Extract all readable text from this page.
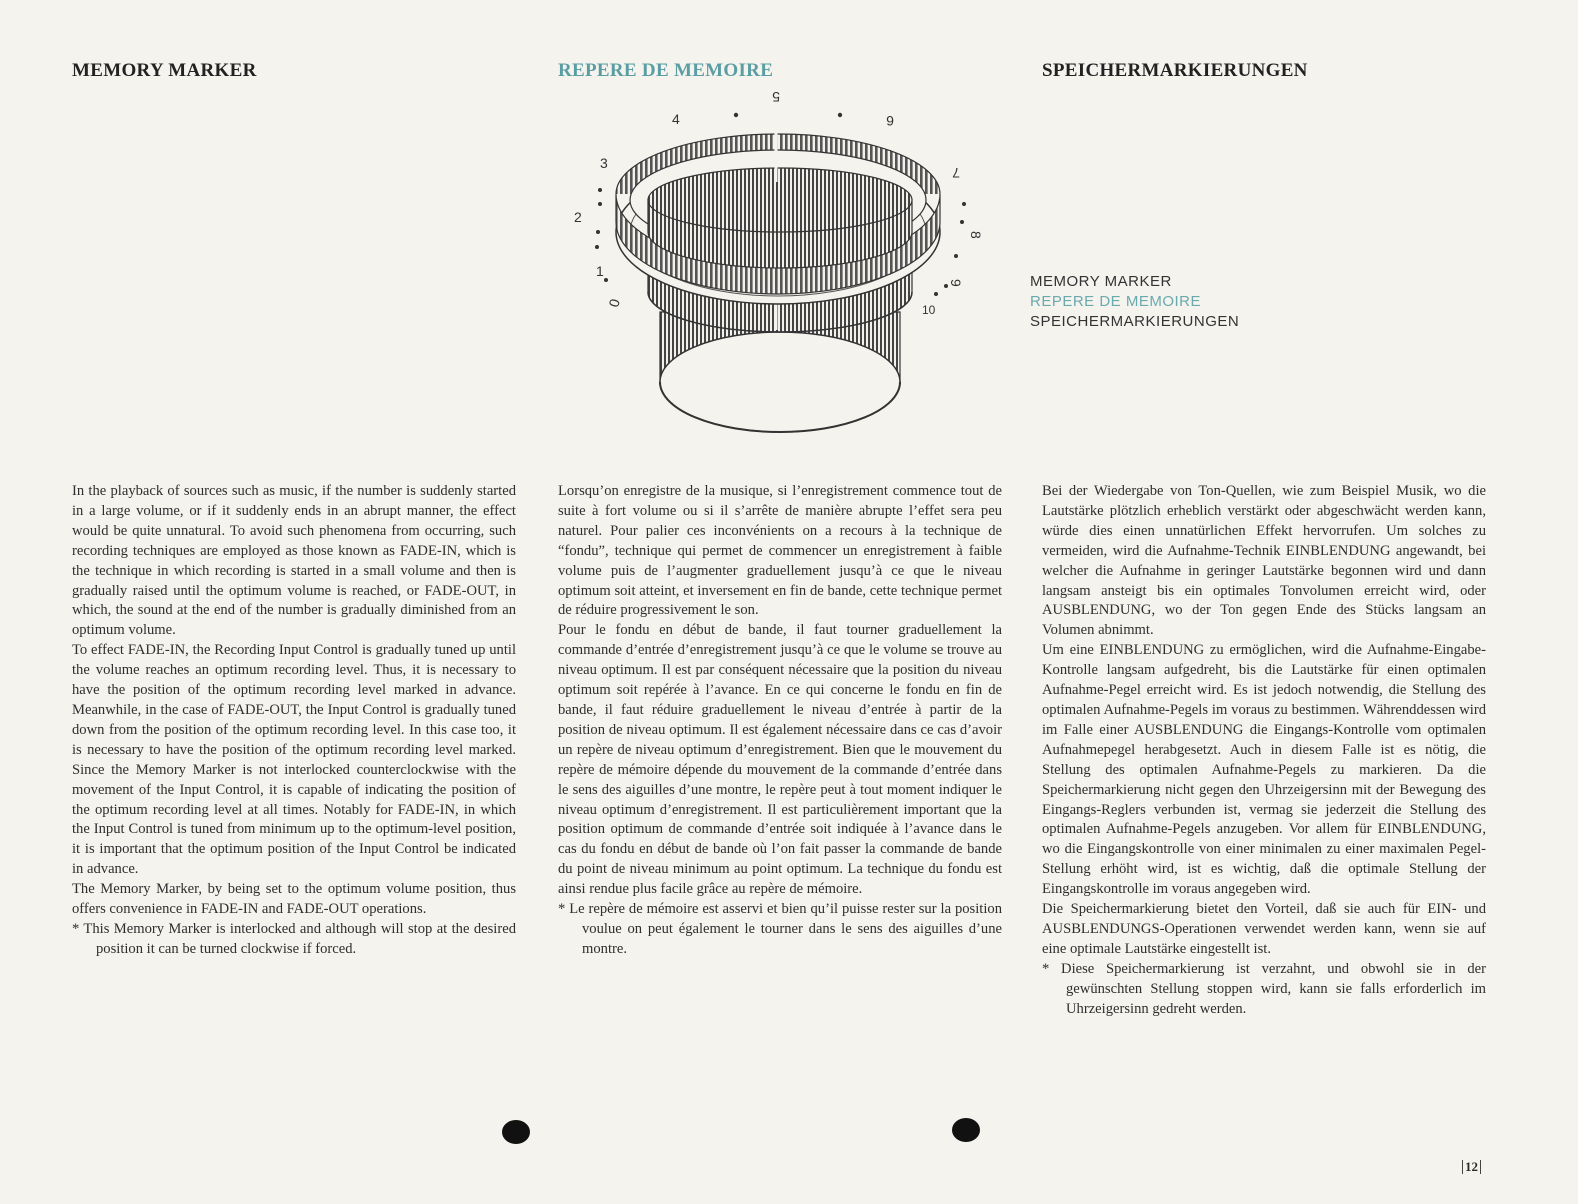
MEMORY MARKER	REPERE DE MEMOIRE	SPEICHERMARKIERUNGEN
0
1
2
3
4
5
6
7
8
9
10
MEMORY MARKER
REPERE DE MEMOIRE
SPEICHERMARKIERUNGEN

In the playback of sources such as music, if the number is suddenly started in a large volume, or if it suddenly ends in an abrupt manner, the effect would be quite unnatural. To avoid such phenomena from occurring, such recording techniques are employed as those known as FADE-IN, which is the technique in which recording is started in a small volume and then is gradually raised until the optimum volume is reached, or FADE-OUT, in which, the sound at the end of the number is gradually diminished from an optimum volume.

To effect FADE-IN, the Recording Input Control is gradually tuned up until the volume reaches an optimum recording level. Thus, it is necessary to have the position of the optimum recording level marked in advance. Meanwhile, in the case of FADE-OUT, the Input Control is gradually tuned down from the position of the optimum recording level. In this case too, it is necessary to have the position of the optimum recording level marked. Since the Memory Marker is not interlocked counterclockwise with the movement of the Input Control, it is capable of indicating the position of the optimum recording level at all times. Notably for FADE-IN, in which the Input Control is tuned from minimum up to the optimum-level position, it is important that the optimum position of the Input Control be indicated in advance.

The Memory Marker, by being set to the optimum volume position, thus offers convenience in FADE-IN and FADE-OUT operations.

* This Memory Marker is interlocked and although will stop at the desired position it can be turned clockwise if forced.

Lorsqu’on enregistre de la musique, si l’enregistrement commence tout de suite à fort volume ou si il s’arrête de manière abrupte l’effet sera peu naturel. Pour palier ces inconvénients on a recours à la technique de “fondu”, technique qui permet de commencer un enregistrement à faible volume puis de l’augmenter graduellement jusqu’à ce que le niveau optimum soit atteint, et inversement en fin de bande, cette technique permet de réduire progressivement le son.

Pour le fondu en début de bande, il faut tourner graduellement la commande d’entrée d’enregistrement jusqu’à ce que le volume se trouve au niveau optimum. Il est par conséquent nécessaire que la position du niveau optimum soit repérée à l’avance. En ce qui concerne le fondu en fin de bande, il faut réduire graduellement le niveau d’entrée à partir de la position de niveau optimum. Il est également nécessaire dans ce cas d’avoir un repère de niveau optimum d’enregistrement. Bien que le mouvement du repère de mémoire dépende du mouvement de la commande d’entrée dans le sens des aiguilles d’une montre, le repère peut à tout moment indiquer le niveau optimum d’enregistrement. Il est particulièrement important que la position optimum de commande d’entrée soit indiquée à l’avance dans le cas du fondu en début de bande où l’on fait passer la commande de bande du point de niveau minimum au point optimum. La technique du fondu est ainsi rendue plus facile grâce au repère de mémoire.

* Le repère de mémoire est asservi et bien qu’il puisse rester sur la position voulue on peut également le tourner dans le sens des aiguilles d’une montre.

Bei der Wiedergabe von Ton-Quellen, wie zum Beispiel Musik, wo die Lautstärke plötzlich erheblich verstärkt oder abgeschwächt werden kann, würde dies einen unnatürlichen Effekt hervorrufen. Um solches zu vermeiden, wird die Aufnahme-Technik EINBLENDUNG angewandt, bei welcher die Aufnahme in geringer Lautstärke begonnen wird und dann langsam ansteigt bis ein optimales Tonvolumen erreicht wird, oder AUSBLENDUNG, wo der Ton gegen Ende des Stücks langsam an Volumen abnimmt.

Um eine EINBLENDUNG zu ermöglichen, wird die Aufnahme-Eingabe-Kontrolle langsam aufgedreht, bis die Lautstärke für einen optimalen Aufnahme-Pegel erreicht wird. Es ist jedoch notwendig, die Stellung des optimalen Aufnahme-Pegels im voraus zu bestimmen. Währenddessen wird im Falle einer AUSBLENDUNG die Eingangs-Kontrolle vom optimalen Aufnahmepegel herabgesetzt. Auch in diesem Falle ist es nötig, die Stellung des optimalen Aufnahme-Pegels zu markieren. Da die Speichermarkierung nicht gegen den Uhrzeigersinn mit der Bewegung des Eingangs-Reglers verbunden ist, vermag sie jederzeit die Stellung des optimalen Aufnahme-Pegels anzugeben. Vor allem für EINBLENDUNG, wo die Eingangskontrolle von einer minimalen zu einer maximalen Pegel-Stellung erhöht wird, ist es wichtig, daß die optimale Stellung der Eingangskontrolle im voraus angegeben wird.

Die Speichermarkierung bietet den Vorteil, daß sie auch für EIN- und AUSBLENDUNGS-Operationen verwendet werden kann, wenn sie auf eine optimale Lautstärke eingestellt ist.

* Diese Speichermarkierung ist verzahnt, und obwohl sie in der gewünschten Stellung stoppen wird, kann sie falls erforderlich im Uhrzeigersinn gedreht werden.

12
